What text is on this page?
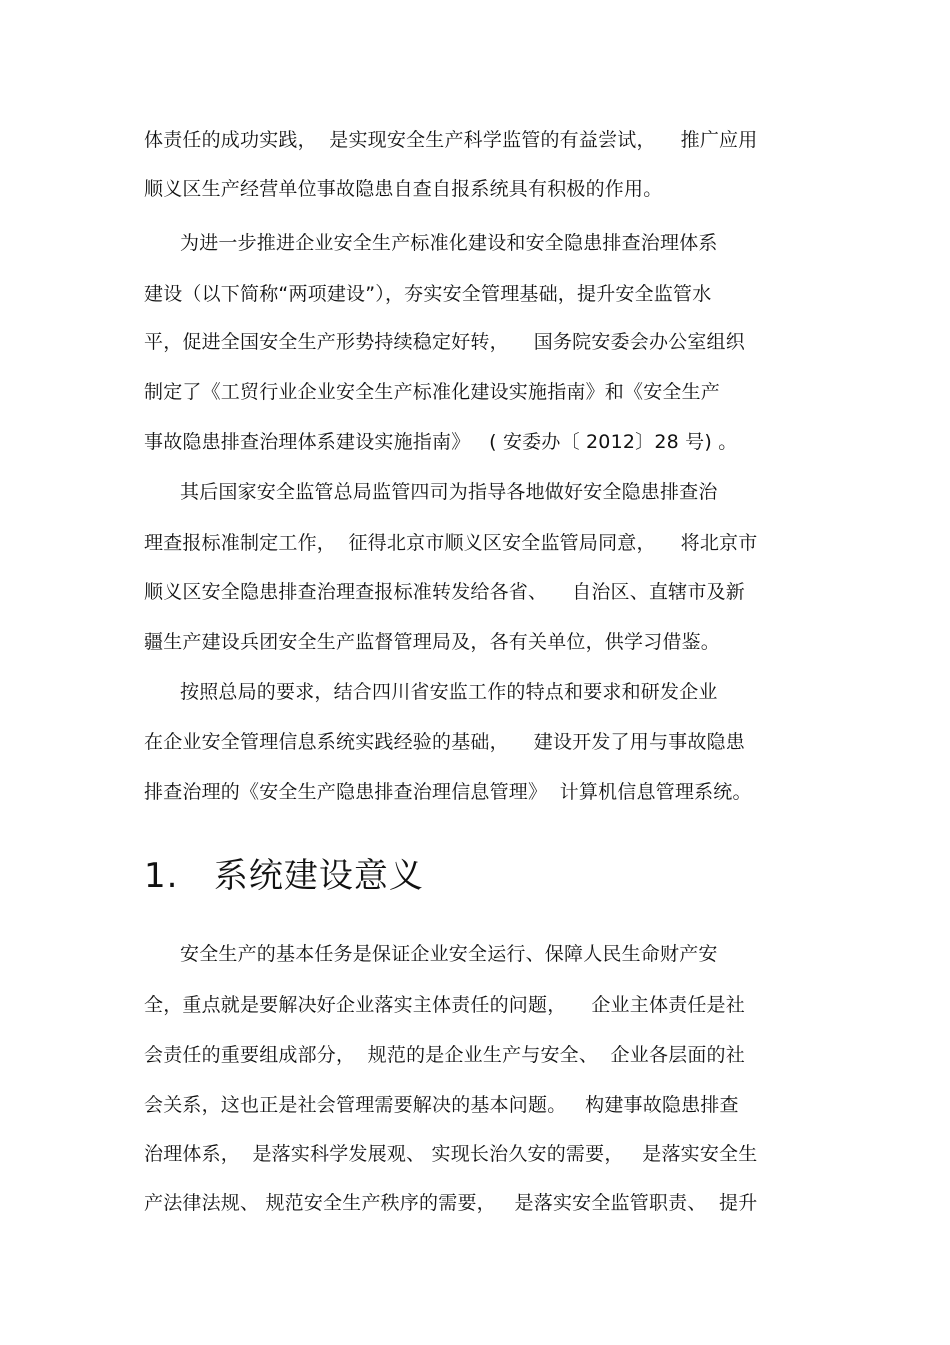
体责任的成功实践，  是实现安全生产科学监管的有益尝试，    推广应用
顺义区生产经营单位事故隐患自查自报系统具有积极的作用。
为进一步推进企业安全生产标准化建设和安全隐患排查治理体系
建设（以下简称“两项建设”），夯实安全管理基础，提升安全监管水
平，促进全国安全生产形势持续稳定好转，    国务院安委会办公室组织
制定了《工贸行业企业安全生产标准化建设实施指南》和《安全生产
事故隐患排查治理体系建设实施指南》   ( 安委办〔 2012〕28 号) 。
其后国家安全监管总局监管四司为指导各地做好安全隐患排查治
理查报标准制定工作，  征得北京市顺义区安全监管局同意，    将北京市
顺义区安全隐患排查治理查报标准转发给各省、    自治区、直辖市及新
疆生产建设兵团安全生产监督管理局及，各有关单位，供学习借鉴。
按照总局的要求，结合四川省安监工作的特点和要求和研发企业
在企业安全管理信息系统实践经验的基础，    建设开发了用与事故隐患
排查治理的《安全生产隐患排查治理信息管理》  计算机信息管理系统。
1.   系统建设意义
安全生产的基本任务是保证企业安全运行、保障人民生命财产安
全，重点就是要解决好企业落实主体责任的问题，    企业主体责任是社
会责任的重要组成部分，  规范的是企业生产与安全、  企业各层面的社
会关系，这也正是社会管理需要解决的基本问题。   构建事故隐患排查
治理体系，  是落实科学发展观、 实现长治久安的需要，   是落实安全生
产法律法规、 规范安全生产秩序的需要，   是落实安全监管职责、  提升
